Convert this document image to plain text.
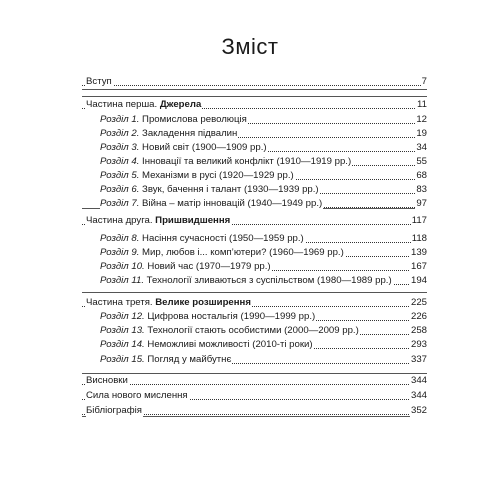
Зміст
Вступ	7
Частина перша. Джерела	11
Розділ 1. Промислова революція	12
Розділ 2. Закладення підвалин	19
Розділ 3. Новий світ (1900—1909 рр.)	34
Розділ 4. Інновації та великий конфлікт (1910—1919 рр.)	55
Розділ 5. Механізми в русі (1920—1929 рр.)	68
Розділ 6. Звук, бачення і талант (1930—1939 рр.)	83
Розділ 7. Війна – матір інновацій (1940—1949 рр.)	97
Частина друга. Пришвидшення	117
Розділ 8. Насіння сучасності (1950—1959 рр.)	118
Розділ 9. Мир, любов і... комп’ютери? (1960—1969 рр.)	139
Розділ 10. Новий час (1970—1979 рр.)	167
Розділ 11. Технології зливаються з суспільством (1980—1989 рр.) 194
Частина третя. Велике розширення	225
Розділ 12. Цифрова ностальгія (1990—1999 рр.)	226
Розділ 13. Технології стають особистими (2000—2009 рр.)	258
Розділ 14. Неможливі можливості (2010-ті роки)	293
Розділ 15. Погляд у майбутнє	337
Висновки	344
Сила нового мислення	344
Бібліографія	352
